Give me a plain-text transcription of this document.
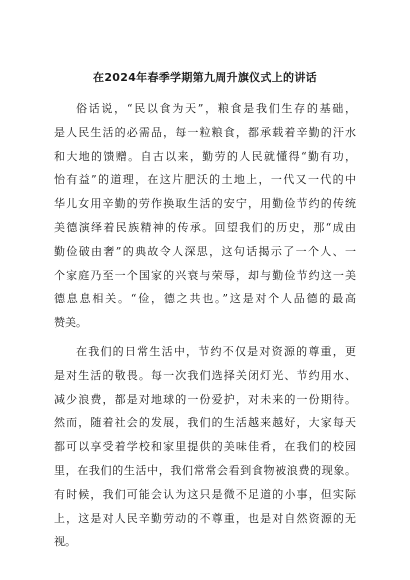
在2024年春季学期第九周升旗仪式上的讲话
俗话说，“民以食为天”，粮食是我们生存的基础，
是人民生活的必需品，每一粒粮食，都承载着辛勤的汗水
和大地的馈赠。自古以来，勤劳的人民就懂得“勤有功，
怡有益”的道理，在这片肥沃的土地上，一代又一代的中
华儿女用辛勤的劳作换取生活的安宁，用勤俭节约的传统
美德演绎着民族精神的传承。回望我们的历史，那“成由
勤俭破由奢”的典故令人深思，这句话揭示了一个人、一
个家庭乃至一个国家的兴衰与荣辱，却与勤俭节约这一美
德息息相关。“俭，德之共也。”这是对个人品德的最高
赞美。
在我们的日常生活中，节约不仅是对资源的尊重，更
是对生活的敬畏。每一次我们选择关闭灯光、节约用水、
减少浪费，都是对地球的一份爱护，对未来的一份期待。
然而，随着社会的发展，我们的生活越来越好，大家每天
都可以享受着学校和家里提供的美味佳肴，在我们的校园
里，在我们的生活中，我们常常会看到食物被浪费的现象。
有时候，我们可能会认为这只是微不足道的小事，但实际
上，这是对人民辛勤劳动的不尊重，也是对自然资源的无
视。
